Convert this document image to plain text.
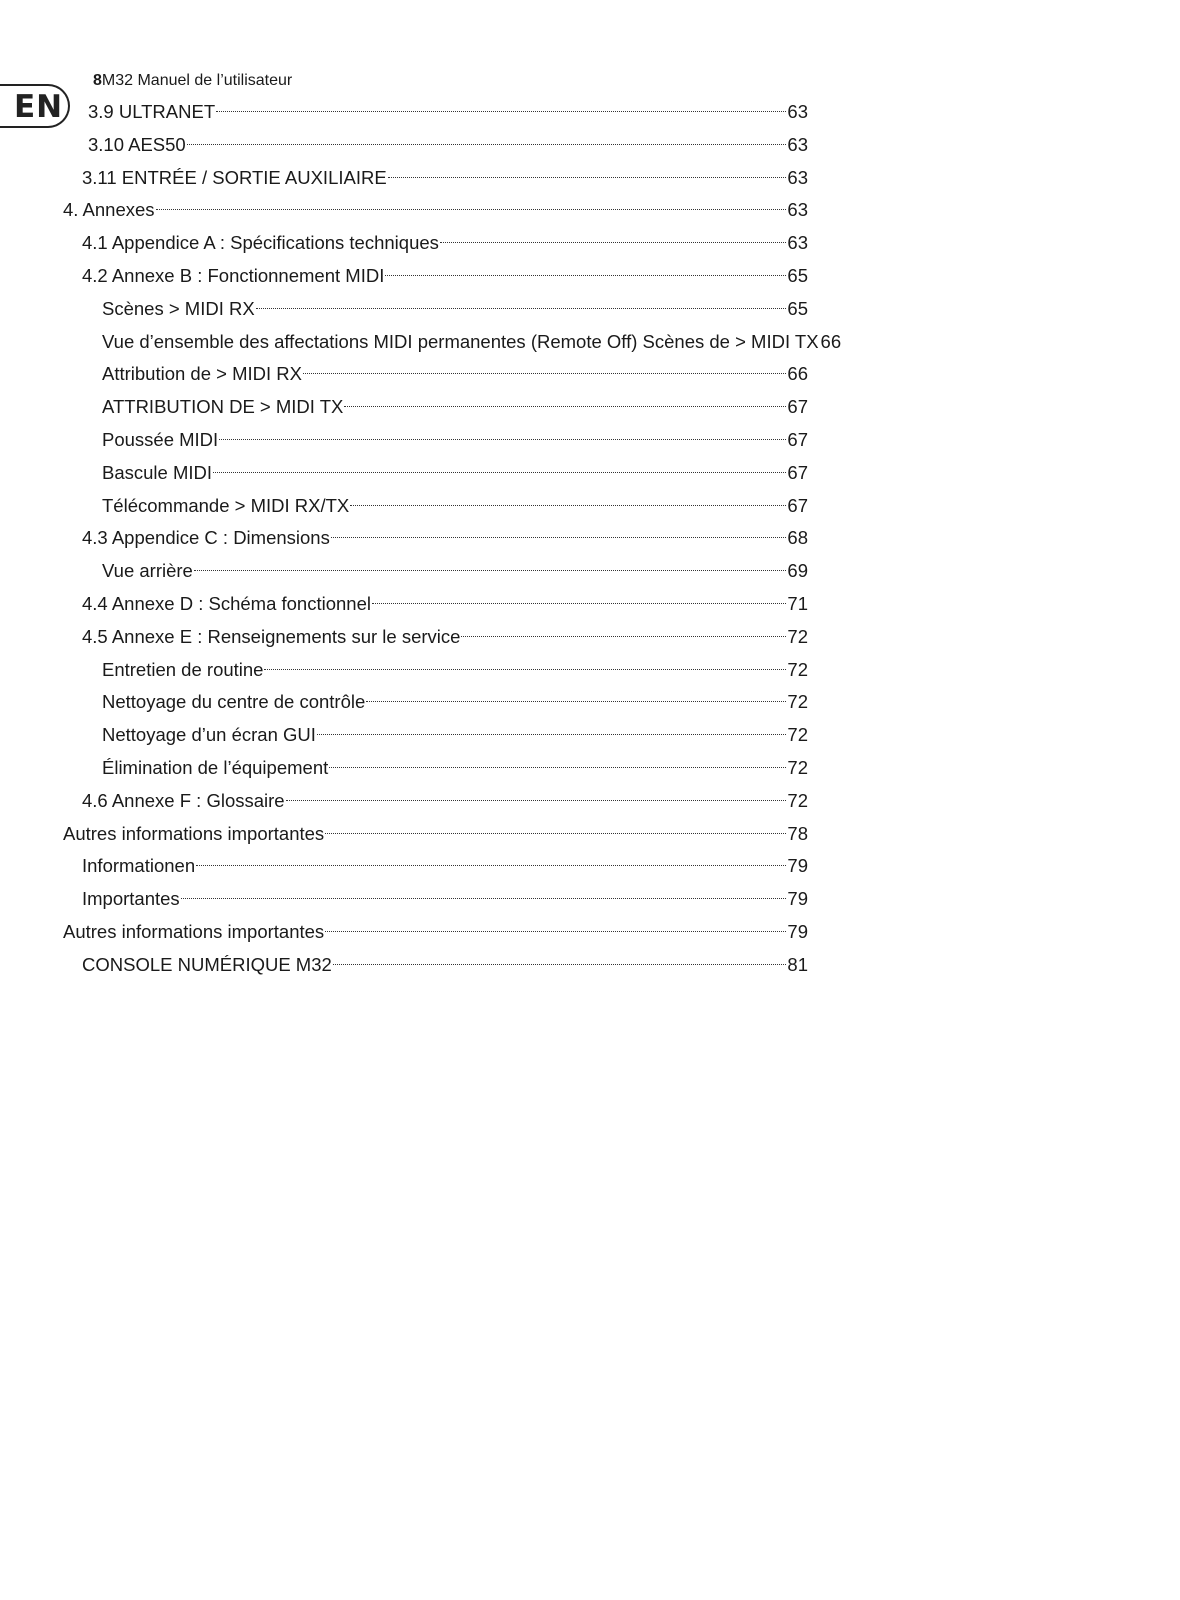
EN
8M32 Manuel de l’utilisateur
3.9 ULTRANET	63
3.10 AES50	63
3.11 ENTRÉE / SORTIE AUXILIAIRE	63
4. Annexes	63
4.1 Appendice A : Spécifications techniques	63
4.2 Annexe B : Fonctionnement MIDI	65
Scènes > MIDI RX	65
Vue d’ensemble des affectations MIDI permanentes (Remote Off) Scènes de > MIDI TX 66
Attribution de > MIDI RX	66
ATTRIBUTION DE > MIDI TX	67
Poussée MIDI	67
Bascule MIDI	67
Télécommande > MIDI RX/TX	67
4.3 Appendice C : Dimensions	68
Vue arrière	69
4.4 Annexe D : Schéma fonctionnel	71
4.5 Annexe E : Renseignements sur le service	72
Entretien de routine	72
Nettoyage du centre de contrôle	72
Nettoyage d’un écran GUI	72
Élimination de l’équipement	72
4.6 Annexe F : Glossaire	72
Autres informations importantes	78
Informationen	79
Importantes	79
Autres informations importantes	79
CONSOLE NUMÉRIQUE M32	81
